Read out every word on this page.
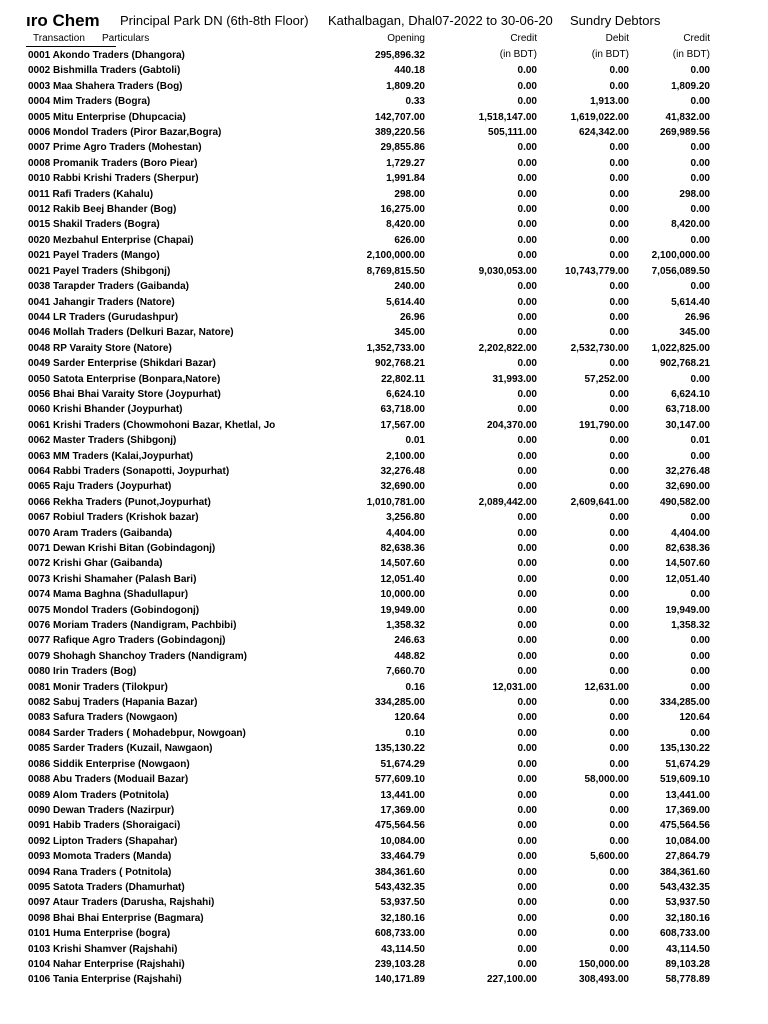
ıro Chem Principal Park DN (6th-8th Floor) Kathalbagan, Dhal07-2022 to 30-06-20 Sundry Debtors
Transaction Particulars	Opening	Credit	Debit	Credit
(in BDT)	(in BDT)	(in BDT)
0001 Akondo Traders (Dhangora)	295,896.32
0002 Bishmilla Traders (Gabtoli)	440.18	0.00	0.00	0.00
0003 Maa Shahera Traders (Bog)	1,809.20	0.00	0.00	1,809.20
0004 Mim Traders (Bogra)	0.33	0.00	1,913.00	0.00
0005 Mitu Enterprise (Dhupcacia)	142,707.00	1,518,147.00	1,619,022.00	41,832.00
0006 Mondol Traders (Piror Bazar,Bogra)	389,220.56	505,111.00	624,342.00	269,989.56
0007 Prime Agro Traders (Mohestan)	29,855.86	0.00	0.00	0.00
0008 Promanik Traders (Boro Piear)	1,729.27	0.00	0.00	0.00
0010 Rabbi Krishi Traders (Sherpur)	1,991.84	0.00	0.00	0.00
0011 Rafi Traders (Kahalu)	298.00	0.00	0.00	298.00
0012 Rakib Beej Bhander (Bog)	16,275.00	0.00	0.00	0.00
0015 Shakil Traders (Bogra)	8,420.00	0.00	0.00	8,420.00
0020 Mezbahul Enterprise (Chapai)	626.00	0.00	0.00	0.00
0021 Payel Traders (Mango)	2,100,000.00	0.00	0.00 2,100,000.00
0021 Payel Traders (Shibgonj)	8,769,815.50	9,030,053.00	10,743,779.00 7,056,089.50
0038 Tarapder Traders (Gaibanda)	240.00	0.00	0.00	0.00
0041 Jahangir Traders (Natore)	5,614.40	0.00	0.00	5,614.40
0044 LR Traders (Gurudashpur)	26.96	0.00	0.00	26.96
0046 Mollah Traders (Delkuri Bazar, Natore)	345.00	0.00	0.00	345.00
0048 RP Varaity Store (Natore)	1,352,733.00	2,202,822.00	2,532,730.00 1,022,825.00
0049 Sarder Enterprise (Shikdari Bazar)	902,768.21	0.00	0.00	902,768.21
0050 Satota Enterprise (Bonpara,Natore)	22,802.11	31,993.00	57,252.00	0.00
0056 Bhai Bhai Varaity Store (Joypurhat)	6,624.10	0.00	0.00	6,624.10
0060 Krishi Bhander (Joypurhat)	63,718.00	0.00	0.00	63,718.00
0061 Krishi Traders (Chowmohoni Bazar, Khetlal, Jo	17,567.00	204,370.00	191,790.00	30,147.00
0062 Master Traders (Shibgonj)	0.01	0.00	0.00	0.01
0063 MM Traders (Kalai,Joypurhat)	2,100.00	0.00	0.00	0.00
0064 Rabbi Traders (Sonapotti, Joypurhat)	32,276.48	0.00	0.00	32,276.48
0065 Raju Traders (Joypurhat)	32,690.00	0.00	0.00	32,690.00
0066 Rekha Traders (Punot,Joypurhat)	1,010,781.00	2,089,442.00	2,609,641.00	490,582.00
0067 Robiul Traders (Krishok bazar)	3,256.80	0.00	0.00	0.00
0070 Aram Traders (Gaibanda)	4,404.00	0.00	0.00	4,404.00
0071 Dewan Krishi Bitan (Gobindagonj)	82,638.36	0.00	0.00	82,638.36
0072 Krishi Ghar (Gaibanda)	14,507.60	0.00	0.00	14,507.60
0073 Krishi Shamaher (Palash Bari)	12,051.40	0.00	0.00	12,051.40
0074 Mama Baghna (Shadullapur)	10,000.00	0.00	0.00	0.00
0075 Mondol Traders (Gobindogonj)	19,949.00	0.00	0.00	19,949.00
0076 Moriam Traders (Nandigram, Pachbibi)	1,358.32	0.00	0.00	1,358.32
0077 Rafique Agro Traders (Gobindagonj)	246.63	0.00	0.00	0.00
0079 Shohagh Shanchoy Traders (Nandigram)	448.82	0.00	0.00	0.00
0080 Irin Traders (Bog)	7,660.70	0.00	0.00	0.00
0081 Monir Traders (Tilokpur)	0.16	12,031.00	12,631.00	0.00
0082 Sabuj Traders (Hapania Bazar)	334,285.00	0.00	0.00	334,285.00
0083 Safura Traders (Nowgaon)	120.64	0.00	0.00	120.64
0084 Sarder Traders ( Mohadebpur, Nowgoan)	0.10	0.00	0.00	0.00
0085 Sarder Traders (Kuzail, Nawgaon)	135,130.22	0.00	0.00	135,130.22
0086 Siddik Enterprise (Nowgaon)	51,674.29	0.00	0.00	51,674.29
0088 Abu Traders (Moduail Bazar)	577,609.10	0.00	58,000.00	519,609.10
0089 Alom Traders (Potnitola)	13,441.00	0.00	0.00	13,441.00
0090 Dewan Traders (Nazirpur)	17,369.00	0.00	0.00	17,369.00
0091 Habib Traders (Shoraigaci)	475,564.56	0.00	0.00	475,564.56
0092 Lipton Traders (Shapahar)	10,084.00	0.00	0.00	10,084.00
0093 Momota Traders (Manda)	33,464.79	0.00	5,600.00	27,864.79
0094 Rana Traders ( Potnitola)	384,361.60	0.00	0.00	384,361.60
0095 Satota Traders (Dhamurhat)	543,432.35	0.00	0.00	543,432.35
0097 Ataur Traders (Darusha, Rajshahi)	53,937.50	0.00	0.00	53,937.50
0098 Bhai Bhai Enterprise (Bagmara)	32,180.16	0.00	0.00	32,180.16
0101 Huma Enterprise (bogra)	608,733.00	0.00	0.00	608,733.00
0103 Krishi Shamver (Rajshahi)	43,114.50	0.00	0.00	43,114.50
0104 Nahar Enterprise (Rajshahi)	239,103.28	0.00	150,000.00	89,103.28
0106 Tania Enterprise (Rajshahi)	140,171.89	227,100.00	308,493.00	58,778.89
